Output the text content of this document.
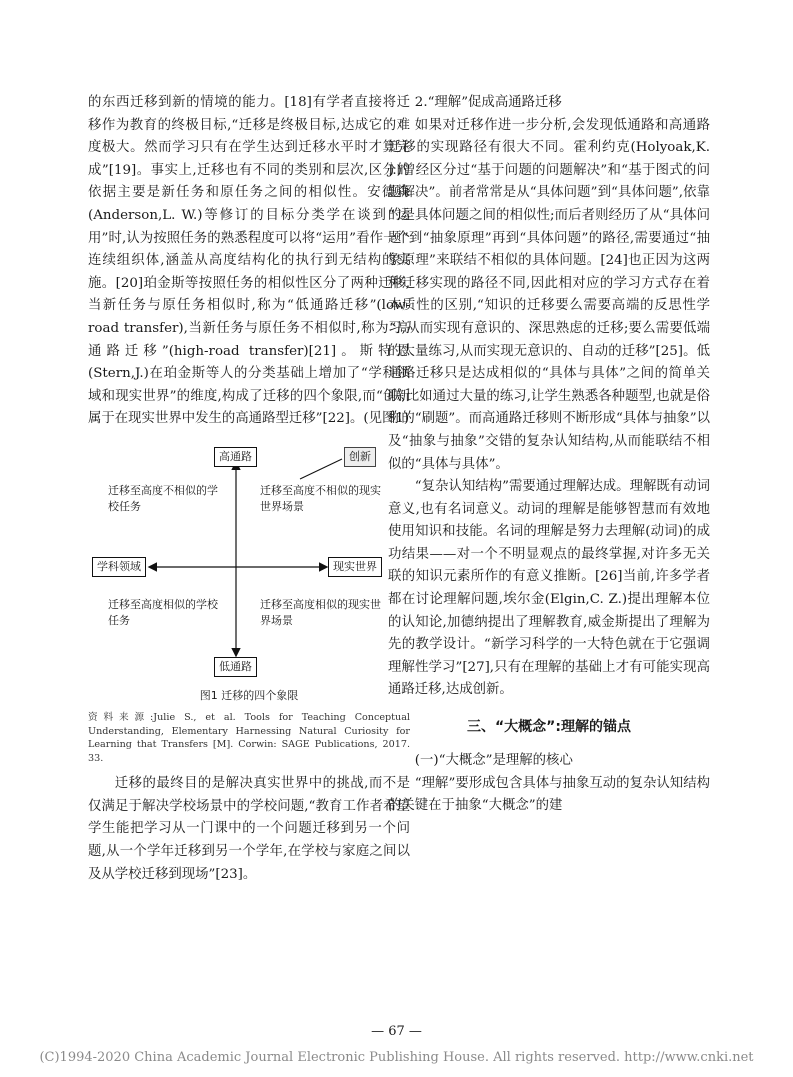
的东西迁移到新的情境的能力。[18]有学者直接将迁移作为教育的终极目标,“迁移是终极目标,达成它的难度极大。然而学习只有在学生达到迁移水平时才算完成”[19]。事实上,迁移也有不同的类别和层次,区分的依据主要是新任务和原任务之间的相似性。安德森(Anderson,L. W.)等修订的目标分类学在谈到“运用”时,认为按照任务的熟悉程度可以将“运用”看作一个连续组织体,涵盖从高度结构化的执行到无结构的实施。[20]珀金斯等按照任务的相似性区分了两种迁移,当新任务与原任务相似时,称为“低通路迁移”(low-road transfer),当新任务与原任务不相似时,称为“高通路迁移”(high-road transfer)[21]。斯特恩(Stern,J.)在珀金斯等人的分类基础上增加了“学科领域和现实世界”的维度,构成了迁移的四个象限,而“创新属于在现实世界中发生的高通路型迁移”[22]。(见图1)

高通路
低通路
学科领域	现实世界
创新
迁移至高度不相似的学校任务
迁移至高度不相似的现实世界场景
迁移至高度相似的学校任务
迁移至高度相似的现实世界场景

图1 迁移的四个象限

资料来源:Julie S., et al. Tools for Teaching Conceptual Understanding, Elementary Harnessing Natural Curiosity for Learning that Transfers [M]. Corwin: SAGE Publications, 2017. 33.

迁移的最终目的是解决真实世界中的挑战,而不是仅满足于解决学校场景中的学校问题,“教育工作者希望学生能把学习从一门课中的一个问题迁移到另一个问题,从一个学年迁移到另一个学年,在学校与家庭之间以及从学校迁移到现场”[23]。

2.“理解”促成高通路迁移

如果对迁移作进一步分析,会发现低通路和高通路迁移的实现路径有很大不同。霍利约克(Holyoak,K. J.)曾经区分过“基于问题的问题解决”和“基于图式的问题解决”。前者常常是从“具体问题”到“具体问题”,依靠的是具体问题之间的相似性;而后者则经历了从“具体问题”到“抽象原理”再到“具体问题”的路径,需要通过“抽象原理”来联结不相似的具体问题。[24]也正因为这两种迁移实现的路径不同,因此相对应的学习方式存在着本质性的区别,“知识的迁移要么需要高端的反思性学习,从而实现有意识的、深思熟虑的迁移;要么需要低端的大量练习,从而实现无意识的、自动的迁移”[25]。低通路迁移只是达成相似的“具体与具体”之间的简单关联,比如通过大量的练习,让学生熟悉各种题型,也就是俗称的“刷题”。而高通路迁移则不断形成“具体与抽象”以及“抽象与抽象”交错的复杂认知结构,从而能联结不相似的“具体与具体”。

“复杂认知结构”需要通过理解达成。理解既有动词意义,也有名词意义。动词的理解是能够智慧而有效地使用知识和技能。名词的理解是努力去理解(动词)的成功结果——对一个不明显观点的最终掌握,对许多无关联的知识元素所作的有意义推断。[26]当前,许多学者都在讨论理解问题,埃尔金(Elgin,C. Z.)提出理解本位的认知论,加德纳提出了理解教育,威金斯提出了理解为先的教学设计。“新学习科学的一大特色就在于它强调理解性学习”[27],只有在理解的基础上才有可能实现高通路迁移,达成创新。

三、“大概念”:理解的锚点

(一)“大概念”是理解的核心

“理解”要形成包含具体与抽象互动的复杂认知结构的关键在于抽象“大概念”的建

— 67 —
(C)1994-2020 China Academic Journal Electronic Publishing House. All rights reserved. http://www.cnki.net
